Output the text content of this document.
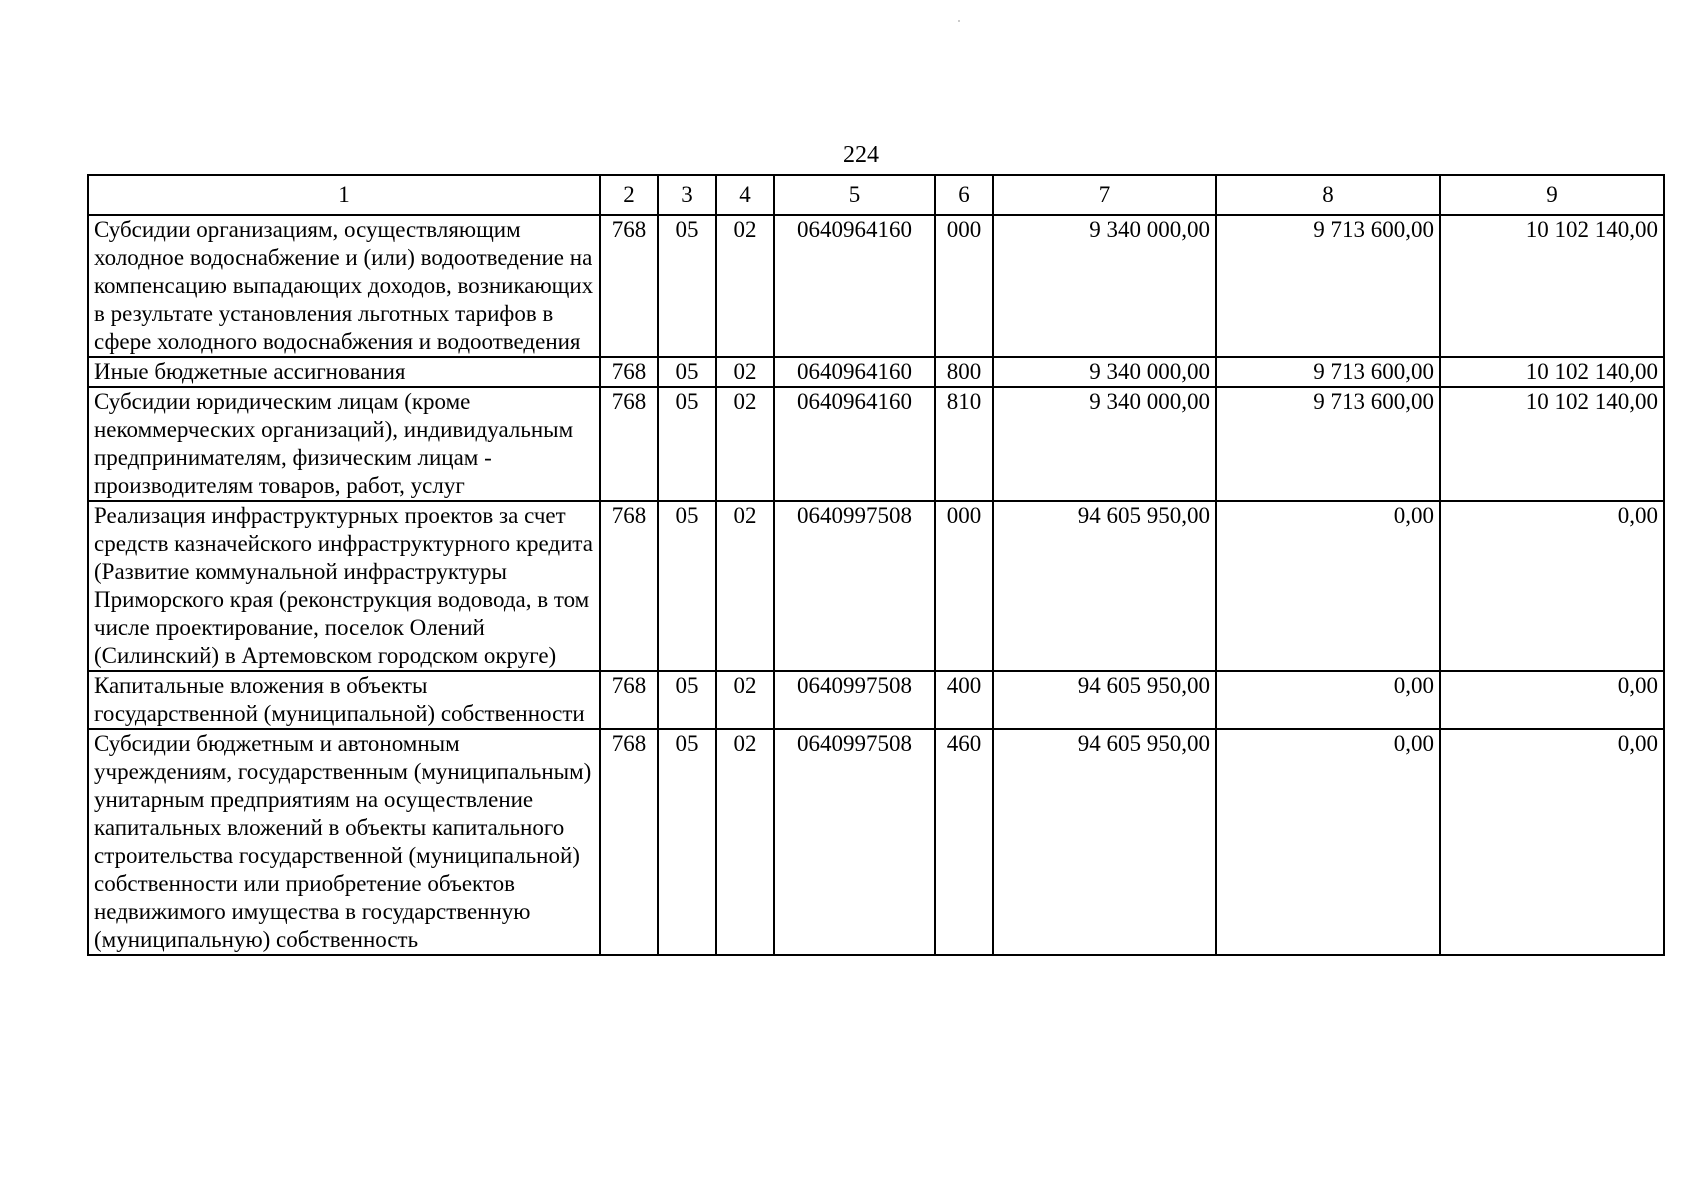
224
1	2	3	4	5	6	7	8	9
Субсидии организациям, осуществляющим холодное водоснабжение и (или) водоотведение на компенсацию выпадающих доходов, возникающих в результате установления льготных тарифов в сфере холодного водоснабжения и водоотведения	768	05	02	0640964160	000	9 340 000,00	9 713 600,00	10 102 140,00
Иные бюджетные ассигнования	768	05	02	0640964160	800	9 340 000,00	9 713 600,00	10 102 140,00
Субсидии юридическим лицам (кроме некоммерческих организаций), индивидуальным предпринимателям, физическим лицам - производителям товаров, работ, услуг	768	05	02	0640964160	810	9 340 000,00	9 713 600,00	10 102 140,00
Реализация инфраструктурных проектов за счет средств казначейского инфраструктурного кредита (Развитие коммунальной инфраструктуры Приморского края (реконструкция водовода, в том числе проектирование, поселок Олений (Силинский) в Артемовском городском округе)	768	05	02	0640997508	000	94 605 950,00	0,00	0,00
Капитальные вложения в объекты государственной (муниципальной) собственности	768	05	02	0640997508	400	94 605 950,00	0,00	0,00
Субсидии бюджетным и автономным учреждениям, государственным (муниципальным) унитарным предприятиям на осуществление капитальных вложений в объекты капитального строительства государственной (муниципальной) собственности или приобретение объектов недвижимого имущества в государственную (муниципальную) собственность	768	05	02	0640997508	460	94 605 950,00	0,00	0,00
